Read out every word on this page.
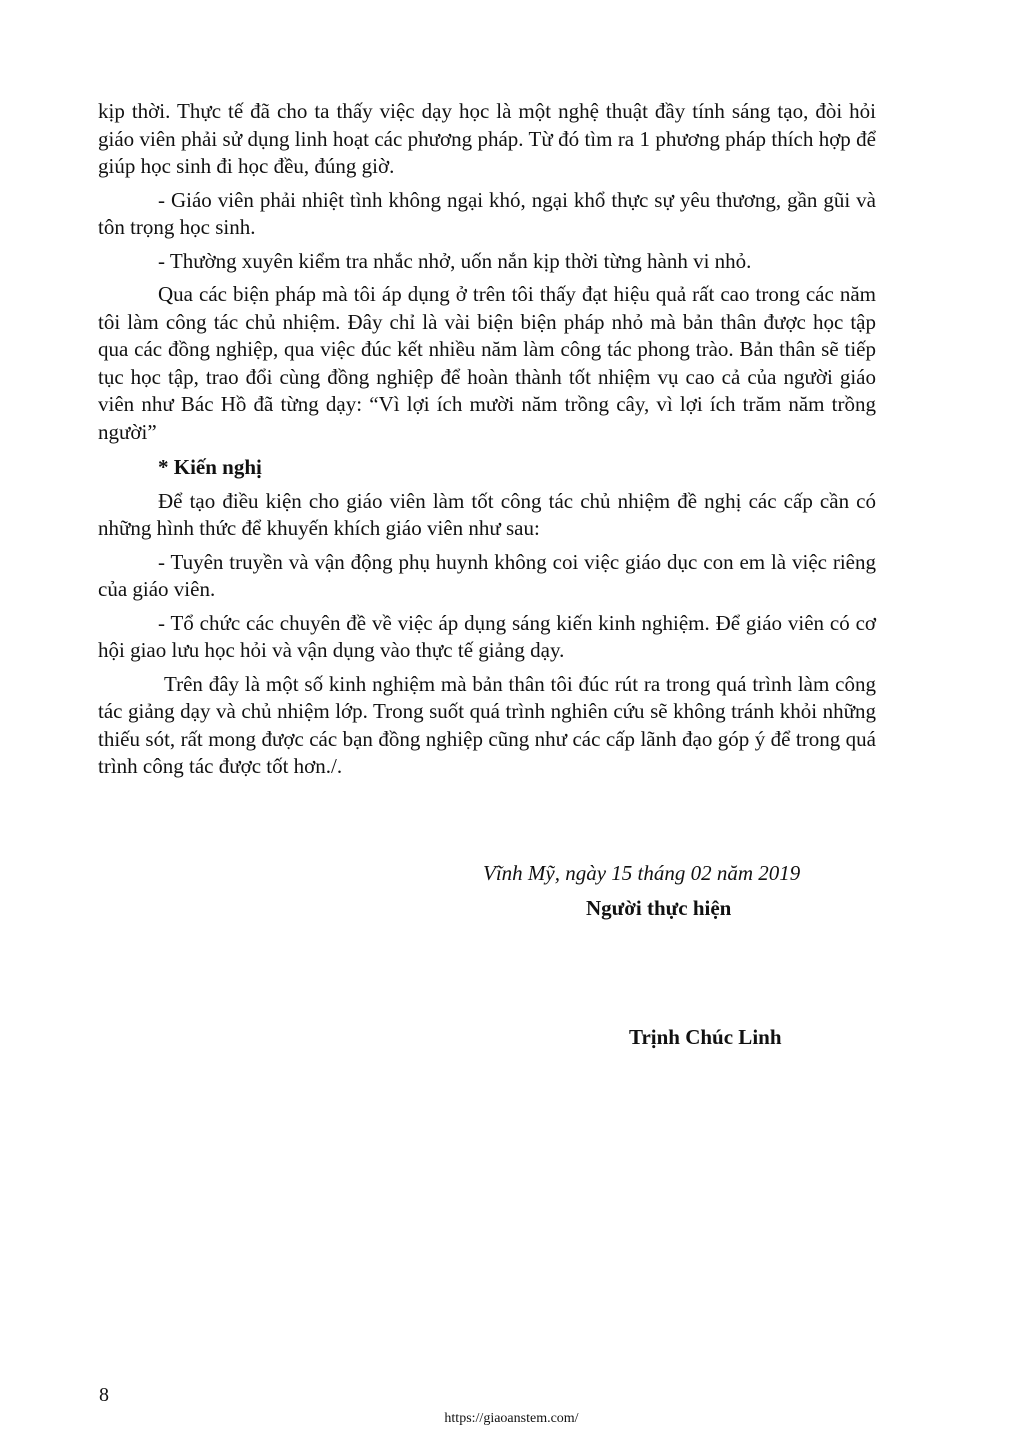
kịp thời. Thực tế đã cho ta thấy việc dạy học là một nghệ thuật đầy tính sáng tạo, đòi hỏi giáo viên phải sử dụng linh hoạt các phương pháp. Từ đó tìm ra 1 phương pháp thích hợp để giúp học sinh đi học đều, đúng giờ.

- Giáo viên phải nhiệt tình không ngại khó, ngại khổ thực sự yêu thương, gần gũi và tôn trọng học sinh.

- Thường xuyên kiểm tra nhắc nhở, uốn nắn kịp thời từng hành vi nhỏ.

Qua các biện pháp mà tôi áp dụng ở trên tôi thấy đạt hiệu quả rất cao trong các năm tôi làm công tác chủ nhiệm. Đây chỉ là vài biện biện pháp nhỏ mà bản thân được học tập qua các đồng nghiệp, qua việc đúc kết nhiều năm làm công tác phong trào. Bản thân sẽ tiếp tục học tập, trao đổi cùng đồng nghiệp để hoàn thành tốt nhiệm vụ cao cả của người giáo viên như Bác Hồ đã từng dạy: “Vì lợi ích mười năm trồng cây, vì lợi ích trăm năm trồng người”

* Kiến nghị

Để tạo điều kiện cho giáo viên làm tốt công tác chủ nhiệm đề nghị các cấp cần có những hình thức để khuyến khích giáo viên như sau:

- Tuyên truyền và vận động phụ huynh không coi việc giáo dục con em là việc riêng của giáo viên.

- Tổ chức các chuyên đề về việc áp dụng sáng kiến kinh nghiệm. Để giáo viên có cơ hội giao lưu học hỏi và vận dụng vào thực tế giảng dạy.

Trên đây là một số kinh nghiệm mà bản thân tôi đúc rút ra trong quá trình làm công tác giảng dạy và chủ nhiệm lớp. Trong suốt quá trình nghiên cứu sẽ không tránh khỏi những thiếu sót, rất mong được các bạn đồng nghiệp cũng như các cấp lãnh đạo góp ý để trong quá trình công tác được tốt hơn./.

Vĩnh Mỹ, ngày 15 tháng 02 năm 2019
Người thực hiện
Trịnh Chúc Linh
8
https://giaoanstem.com/
